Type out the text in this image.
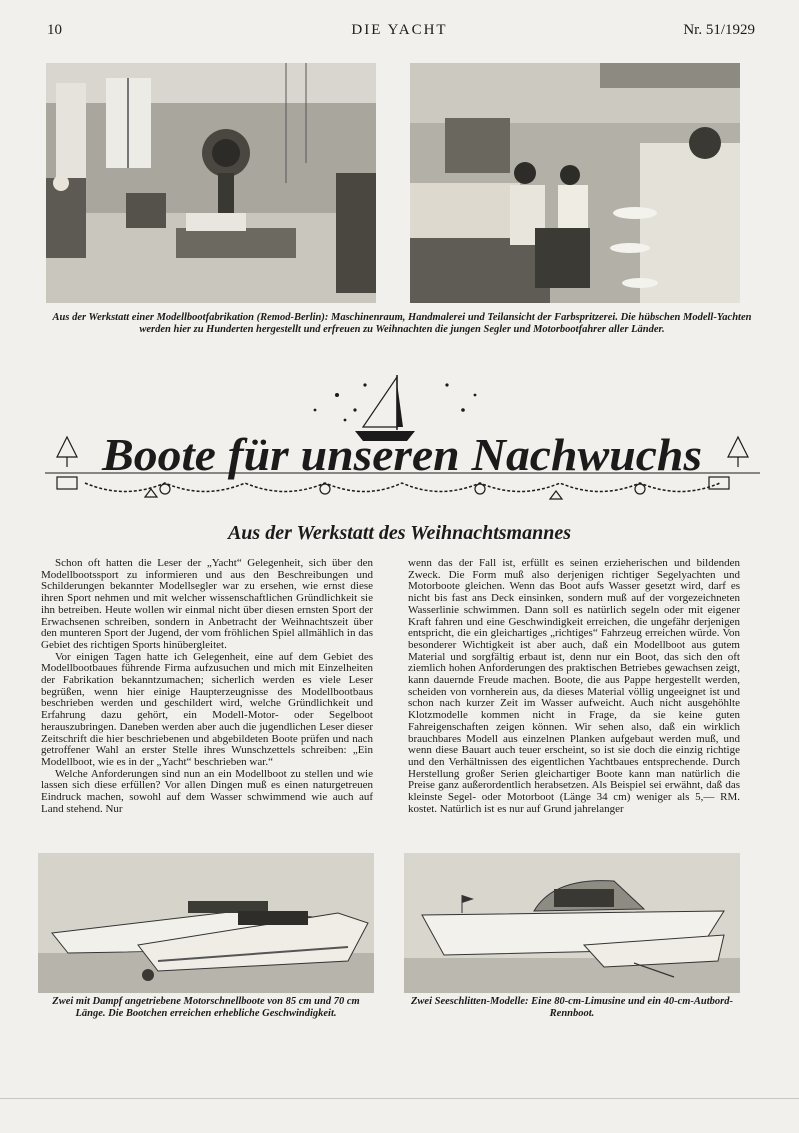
10	DIE YACHT	Nr. 51/1929
Aus der Werkstatt einer Modellbootfabrikation (Remod-Berlin): Maschinenraum, Handmalerei und Teilansicht der Farbspritzerei. Die hübschen Modell-Yachten werden hier zu Hunderten hergestellt und erfreuen zu Weihnachten die jungen Segler und Motorbootfahrer aller Länder.
Boote für unseren Nachwuchs
Aus der Werkstatt des Weihnachtsmannes

Schon oft hatten die Leser der „Yacht“ Gelegenheit, sich über den Modellbootssport zu informieren und aus den Beschreibungen und Schilderungen bekannter Modellsegler war zu ersehen, wie ernst diese ihren Sport nehmen und mit welcher wissenschaftlichen Gründlichkeit sie ihn betreiben. Heute wollen wir einmal nicht über diesen ernsten Sport der Erwachsenen schreiben, sondern in Anbetracht der Weihnachtszeit über den munteren Sport der Jugend, der vom fröhlichen Spiel allmählich in das Gebiet des richtigen Sports hinübergleitet.

Vor einigen Tagen hatte ich Gelegenheit, eine auf dem Gebiet des Modellbootbaues führende Firma aufzusuchen und mich mit Einzelheiten der Fabrikation bekanntzumachen; sicherlich werden es viele Leser begrüßen, wenn hier einige Haupterzeugnisse des Modellbootbaus beschrieben werden und geschildert wird, welche Gründlichkeit und Erfahrung dazu gehört, ein Modell-Motor- oder Segelboot herauszubringen. Daneben werden aber auch die jugendlichen Leser dieser Zeitschrift die hier beschriebenen und abgebildeten Boote prüfen und nach getroffener Wahl an erster Stelle ihres Wunschzettels schreiben: „Ein Modellboot, wie es in der „Yacht“ beschrieben war.“

Welche Anforderungen sind nun an ein Modellboot zu stellen und wie lassen sich diese erfüllen? Vor allen Dingen muß es einen naturgetreuen Eindruck machen, sowohl auf dem Wasser schwimmend wie auch auf Land stehend. Nur

wenn das der Fall ist, erfüllt es seinen erzieherischen und bildenden Zweck. Die Form muß also derjenigen richtiger Segelyachten und Motorboote gleichen. Wenn das Boot aufs Wasser gesetzt wird, darf es nicht bis fast ans Deck einsinken, sondern muß auf der vorgezeichneten Wasserlinie schwimmen. Dann soll es natürlich segeln oder mit eigener Kraft fahren und eine Geschwindigkeit erreichen, die ungefähr derjenigen entspricht, die ein gleichartiges „richtiges“ Fahrzeug erreichen würde. Von besonderer Wichtigkeit ist aber auch, daß ein Modellboot aus gutem Material und sorgfältig erbaut ist, denn nur ein Boot, das sich den oft ziemlich hohen Anforderungen des praktischen Betriebes gewachsen zeigt, kann dauernde Freude machen. Boote, die aus Pappe hergestellt werden, scheiden von vornherein aus, da dieses Material völlig ungeeignet ist und schon nach kurzer Zeit im Wasser aufweicht. Auch nicht ausgehöhlte Klotzmodelle kommen nicht in Frage, da sie keine guten Fahreigenschaften zeigen können. Wir sehen also, daß ein wirklich brauchbares Modell aus einzelnen Planken aufgebaut werden muß, und wenn diese Bauart auch teuer erscheint, so ist sie doch die einzig richtige und den Verhältnissen des eigentlichen Yachtbaues entsprechende. Durch Herstellung großer Serien gleichartiger Boote kann man natürlich die Preise ganz außerordentlich herabsetzen. Als Beispiel sei erwähnt, daß das kleinste Segel- oder Motorboot (Länge 34 cm) weniger als 5,— RM. kostet. Natürlich ist es nur auf Grund jahrelanger

Zwei mit Dampf angetriebene Motorschnellboote von 85 cm und 70 cm Länge. Die Bootchen erreichen erhebliche Geschwindigkeit.
Zwei Seeschlitten-Modelle: Eine 80-cm-Limusine und ein 40-cm-Autbord-Rennboot.
